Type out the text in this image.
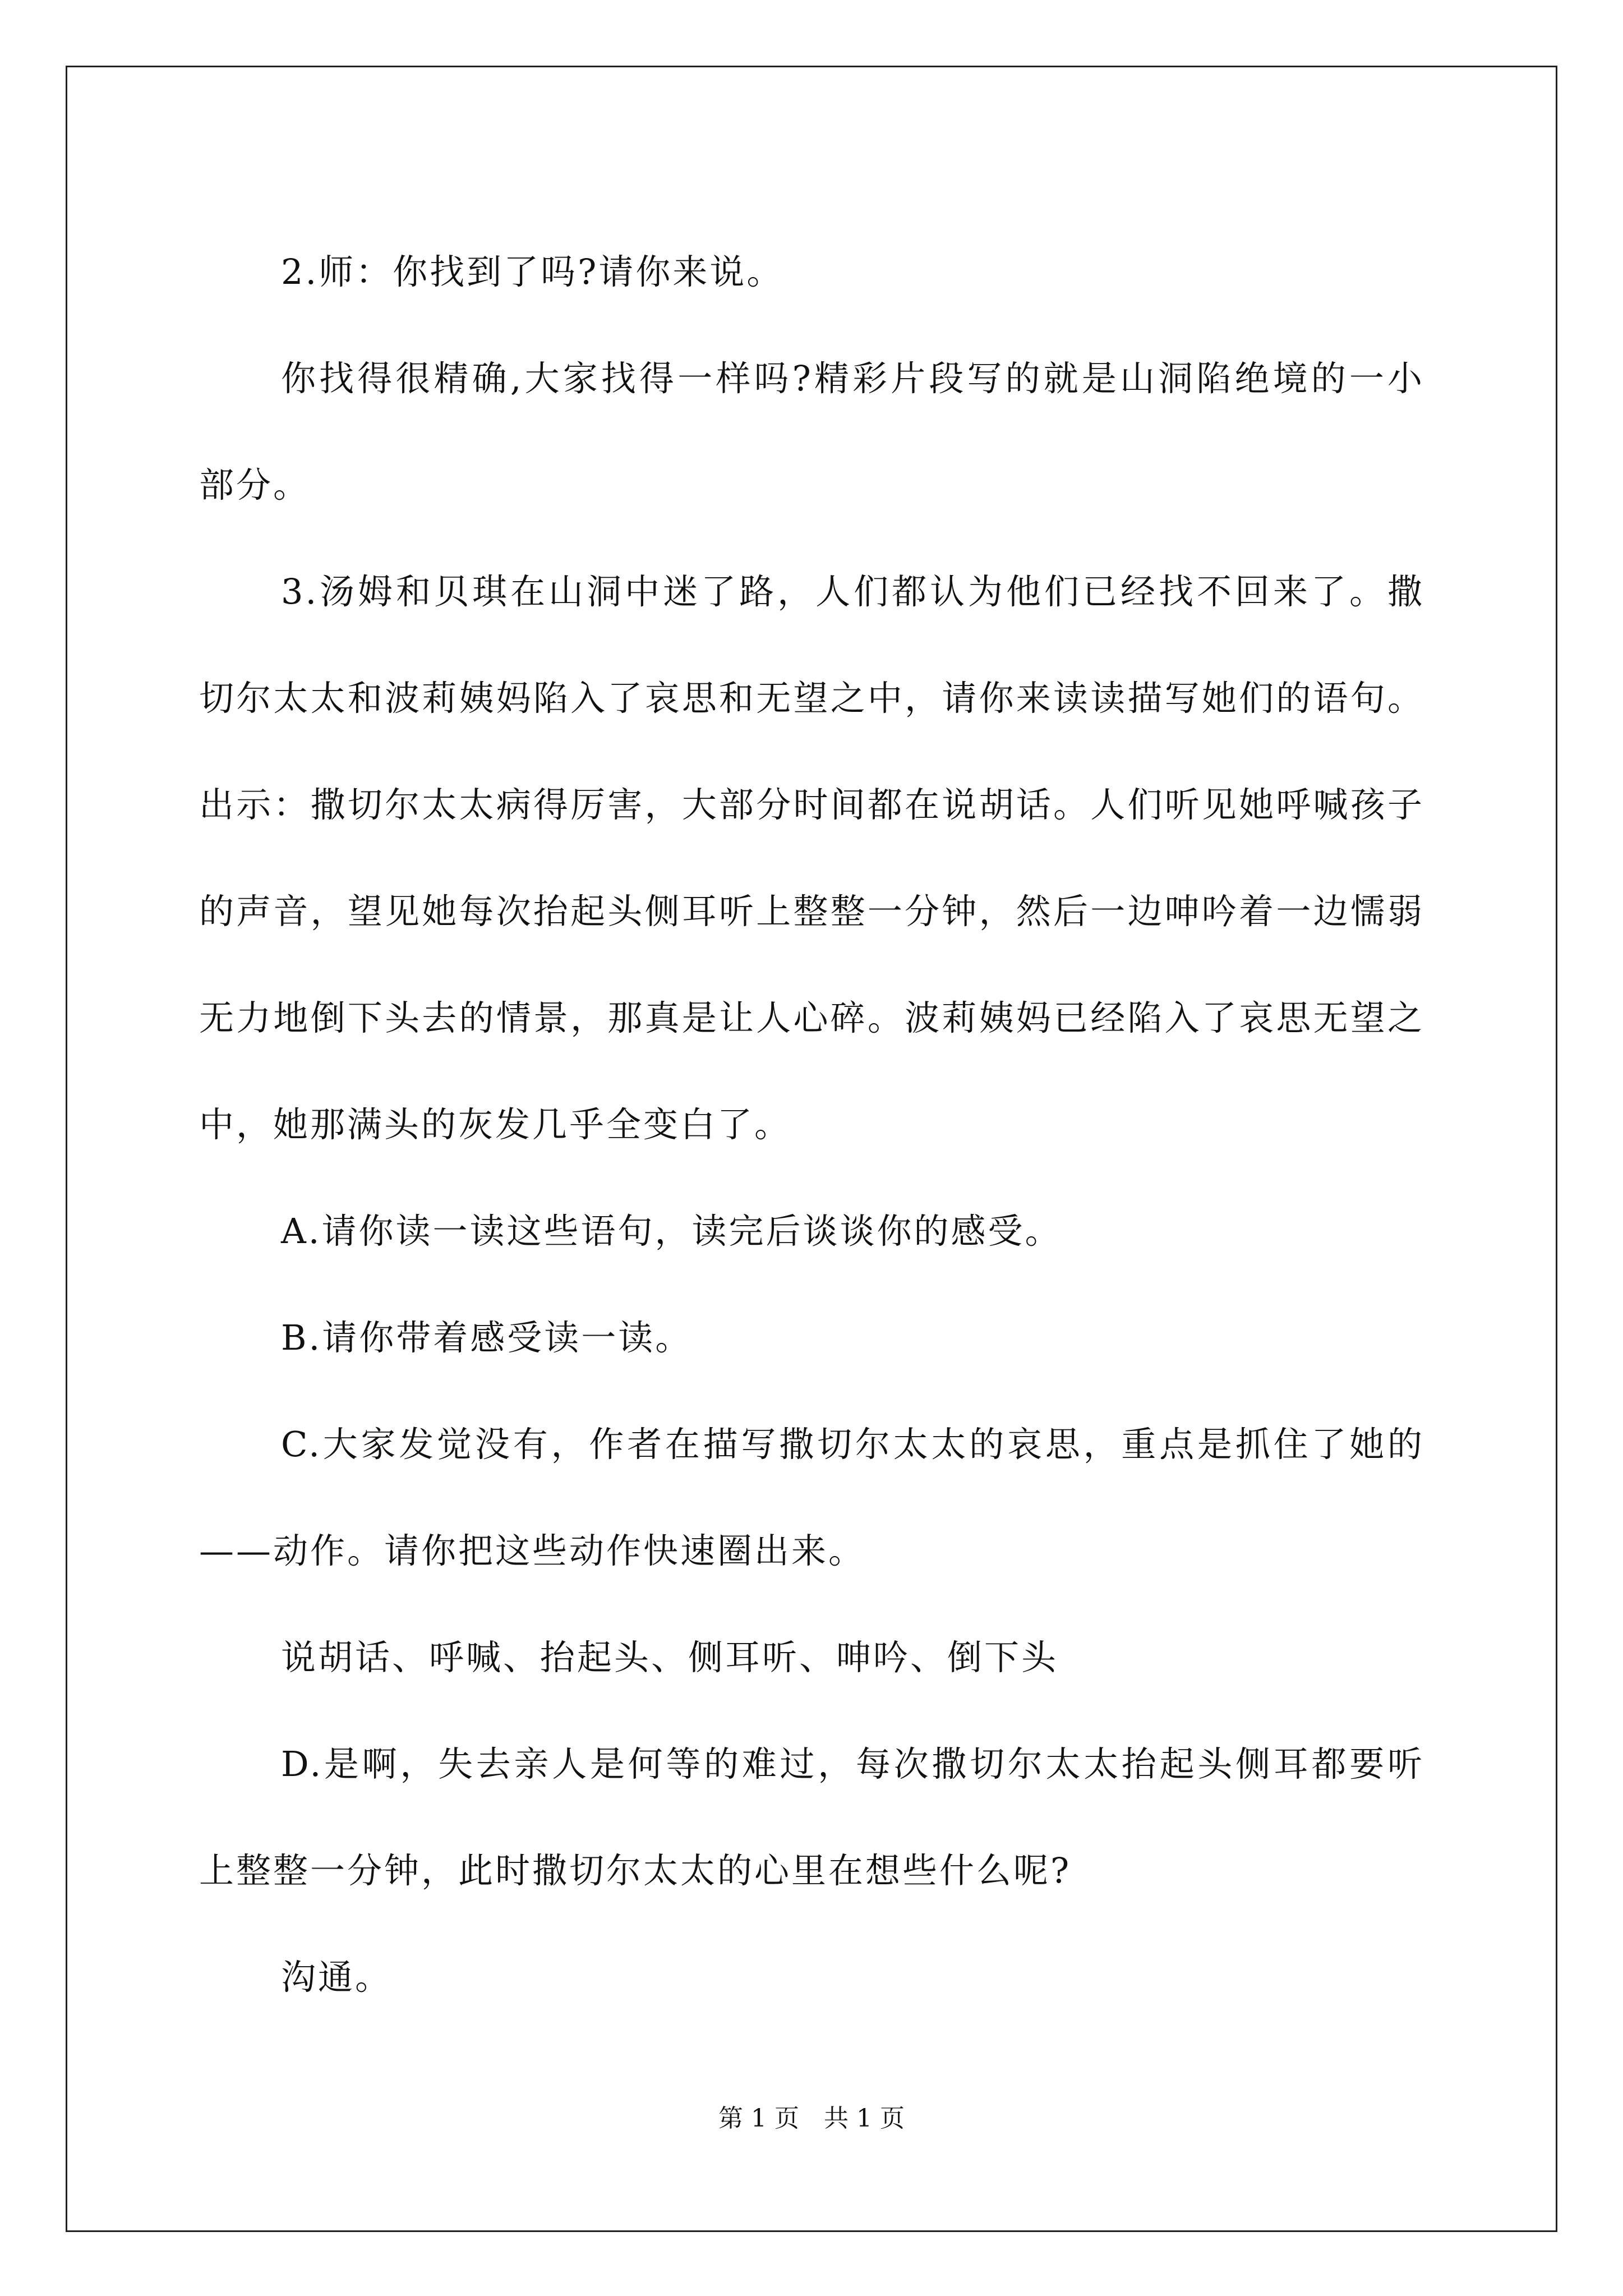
2.师：你找到了吗?请你来说。

你找得很精确,大家找得一样吗?精彩片段写的就是山洞陷绝境的一小部分。

3.汤姆和贝琪在山洞中迷了路，人们都认为他们已经找不回来了。撒切尔太太和波莉姨妈陷入了哀思和无望之中，请你来读读描写她们的语句。出示：撒切尔太太病得厉害，大部分时间都在说胡话。人们听见她呼喊孩子的声音，望见她每次抬起头侧耳听上整整一分钟，然后一边呻吟着一边懦弱无力地倒下头去的情景，那真是让人心碎。波莉姨妈已经陷入了哀思无望之中，她那满头的灰发几乎全变白了。

A.请你读一读这些语句，读完后谈谈你的感受。

B.请你带着感受读一读。

C.大家发觉没有，作者在描写撒切尔太太的哀思，重点是抓住了她的——动作。请你把这些动作快速圈出来。

说胡话、呼喊、抬起头、侧耳听、呻吟、倒下头

D.是啊，失去亲人是何等的难过，每次撒切尔太太抬起头侧耳都要听上整整一分钟，此时撒切尔太太的心里在想些什么呢?

沟通。

第 1 页　共 1 页
